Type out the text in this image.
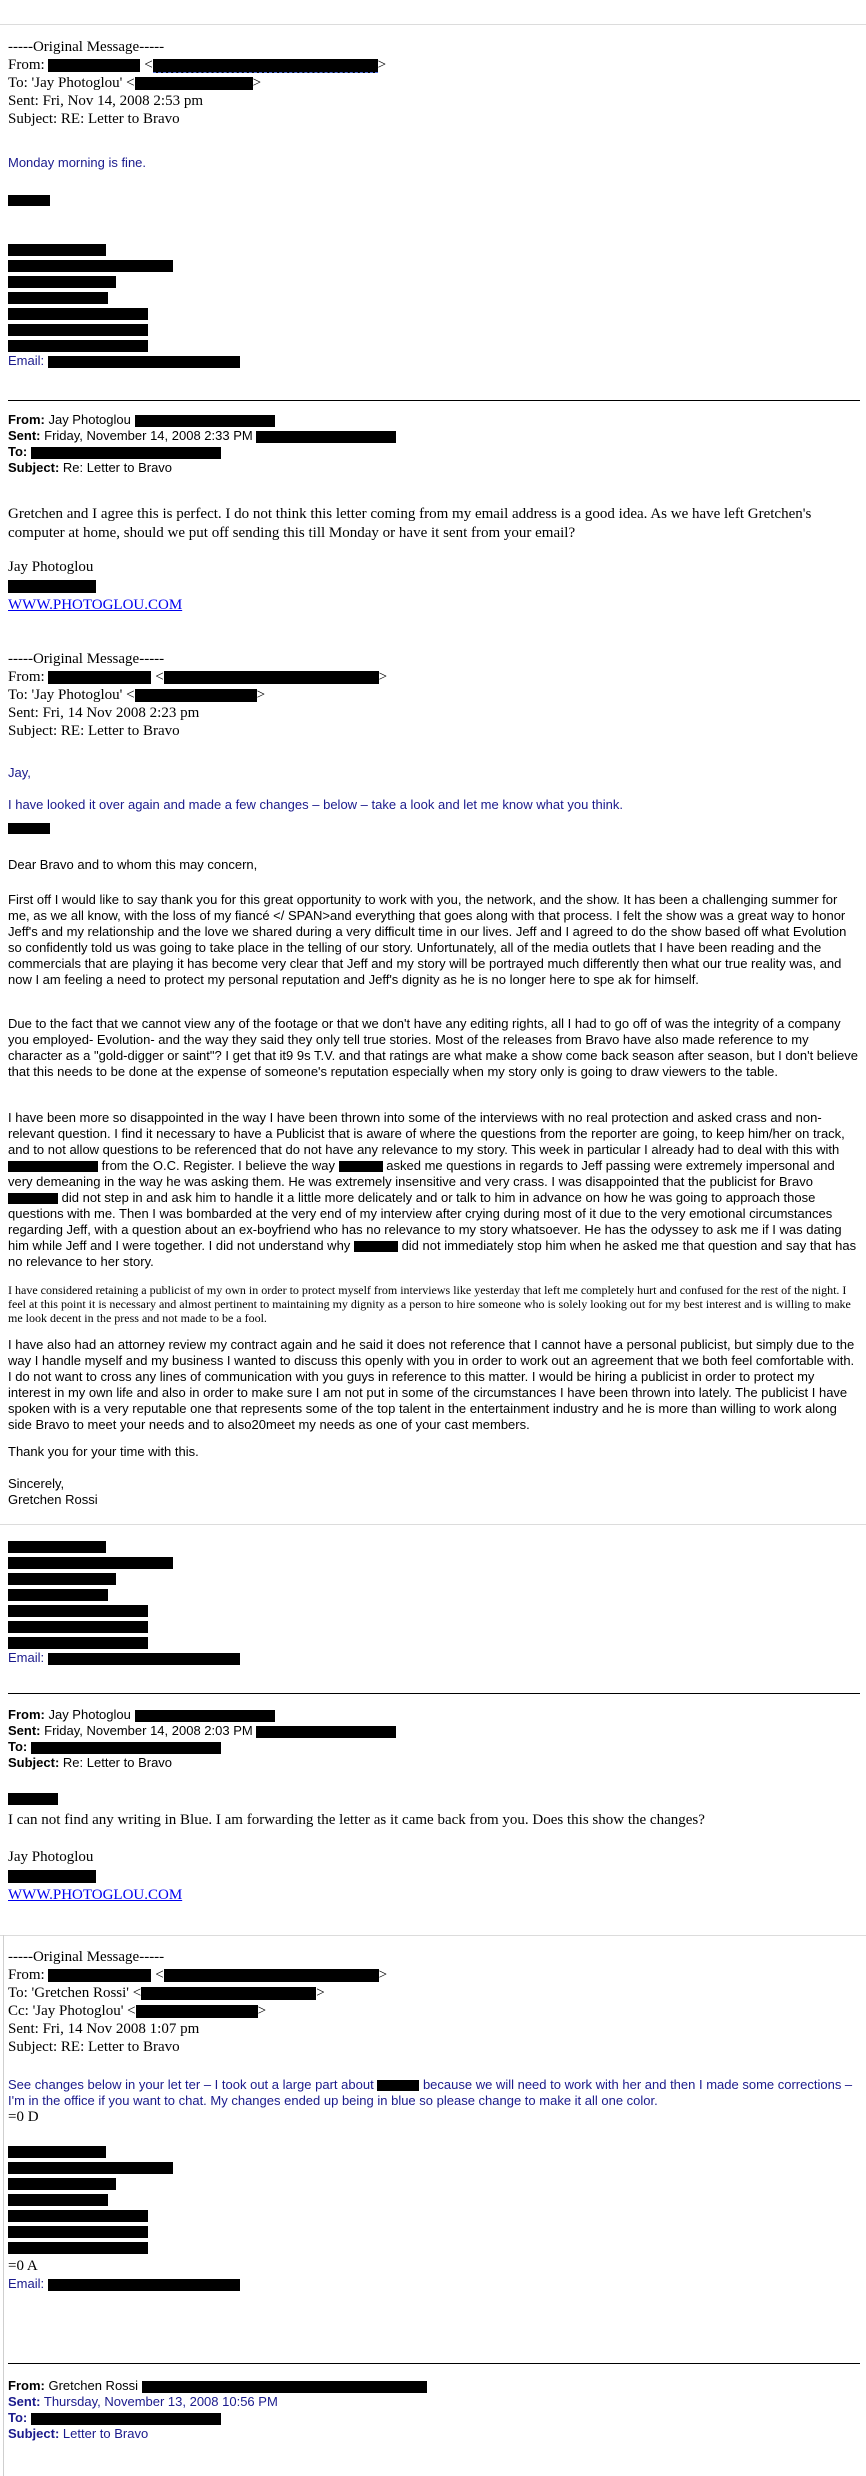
-----Original Message-----
From:	<	>
To: 'Jay Photoglou' <	>
Sent: Fri, Nov 14, 2008 2:53 pm
Subject: RE: Letter to Bravo
Monday morning is fine.
Email:
From: Jay Photoglou
Sent: Friday, November 14, 2008 2:33 PM
To:
Subject: Re: Letter to Bravo
Gretchen and I agree this is perfect. I do not think this letter coming from my email address is a good idea. As we have left Gretchen's computer at home, should we put off sending this till Monday or have it sent from your email?
Jay Photoglou
WWW.PHOTOGLOU.COM
-----Original Message-----
From:	<	>
To: 'Jay Photoglou' <	>
Sent: Fri, 14 Nov 2008 2:23 pm
Subject: RE: Letter to Bravo
Jay,
I have looked it over again and made a few changes – below – take a look and let me know what you think.
Dear Bravo and to whom this may concern,
First off I would like to say thank you for this great opportunity to work with you, the network, and the show. It has been a challenging summer for me, as we all know, with the loss of my fiancé </ SPAN>and everything that goes along with that process. I felt the show was a great way to honor Jeff's and my relationship and the love we shared during a very difficult time in our lives. Jeff and I agreed to do the show based off what Evolution so confidently told us was going to take place in the telling of our story. Unfortunately, all of the media outlets that I have been reading and the commercials that are playing it has become very clear that Jeff and my story will be portrayed much differently then what our true reality was, and now I am feeling a need to protect my personal reputation and Jeff's dignity as he is no longer here to spe ak for himself.
Due to the fact that we cannot view any of the footage or that we don't have any editing rights, all I had to go off of was the integrity of a company you employed- Evolution- and the way they said they only tell true stories. Most of the releases from Bravo have also made reference to my character as a "gold-digger or saint"? I get that it9 9s T.V. and that ratings are what make a show come back season after season, but I don't believe that this needs to be done at the expense of someone's reputation especially when my story only is going to draw viewers to the table.
I have been more so disappointed in the way I have been thrown into some of the interviews with no real protection and asked crass and non-relevant question. I find it necessary to have a Publicist that is aware of where the questions from the reporter are going, to keep him/her on track, and to not allow questions to be referenced that do not have any relevance to my story. This week in particular I already had to deal with this with  from the O.C. Register. I believe the way	asked me questions in regards to Jeff passing were extremely impersonal and very demeaning in the way he was asking them. He was extremely insensitive and very crass. I was disappointed that the publicist for Bravo  did not step in and ask him to handle it a little more delicately and or talk to him in advance on how he was going to approach those questions with me. Then I was bombarded at the very end of my interview after crying during most of it due to the very emotional circumstances regarding Jeff, with a question about an ex-boyfriend who has no relevance to my story whatsoever. He has the odyssey to ask me if I was dating him while Jeff and I were together. I did not understand why	did not immediately stop him when he asked me that question and say that has no relevance to her story.
I have considered retaining a publicist of my own in order to protect myself from interviews like yesterday that left me completely hurt and confused for the rest of the night. I feel at this point it is necessary and almost pertinent to maintaining my dignity as a person to hire someone who is solely looking out for my best interest and is willing to make me look decent in the press and not made to be a fool.
I have also had an attorney review my contract again and he said it does not reference that I cannot have a personal publicist, but simply due to the way I handle myself and my business I wanted to discuss this openly with you in order to work out an agreement that we both feel comfortable with. I do not want to cross any lines of communication with you guys in reference to this matter. I would be hiring a publicist in order to protect my interest in my own life and also in order to make sure I am not put in some of the circumstances I have been thrown into lately. The publicist I have spoken with is a very reputable one that represents some of the top talent in the entertainment industry and he is more than willing to work along side Bravo to meet your needs and to also20meet my needs as one of your cast members.
Thank you for your time with this.
Sincerely,
Gretchen Rossi
Email:
From: Jay Photoglou
Sent: Friday, November 14, 2008 2:03 PM
To:
Subject: Re: Letter to Bravo
I can not find any writing in Blue. I am forwarding the letter as it came back from you. Does this show the changes?
Jay Photoglou
WWW.PHOTOGLOU.COM
-----Original Message-----
From:	<	>
To: 'Gretchen Rossi' <	>
Cc: 'Jay Photoglou' <	>
Sent: Fri, 14 Nov 2008 1:07 pm
Subject: RE: Letter to Bravo
See changes below in your let ter – I took out a large part about	because we will need to work with her and then I made some corrections – I'm in the office if you want to chat. My changes ended up being in blue so please change to make it all one color.
=0 D
=0 A
Email:
From: Gretchen Rossi
Sent: Thursday, November 13, 2008 10:56 PM
To:
Subject: Letter to Bravo
